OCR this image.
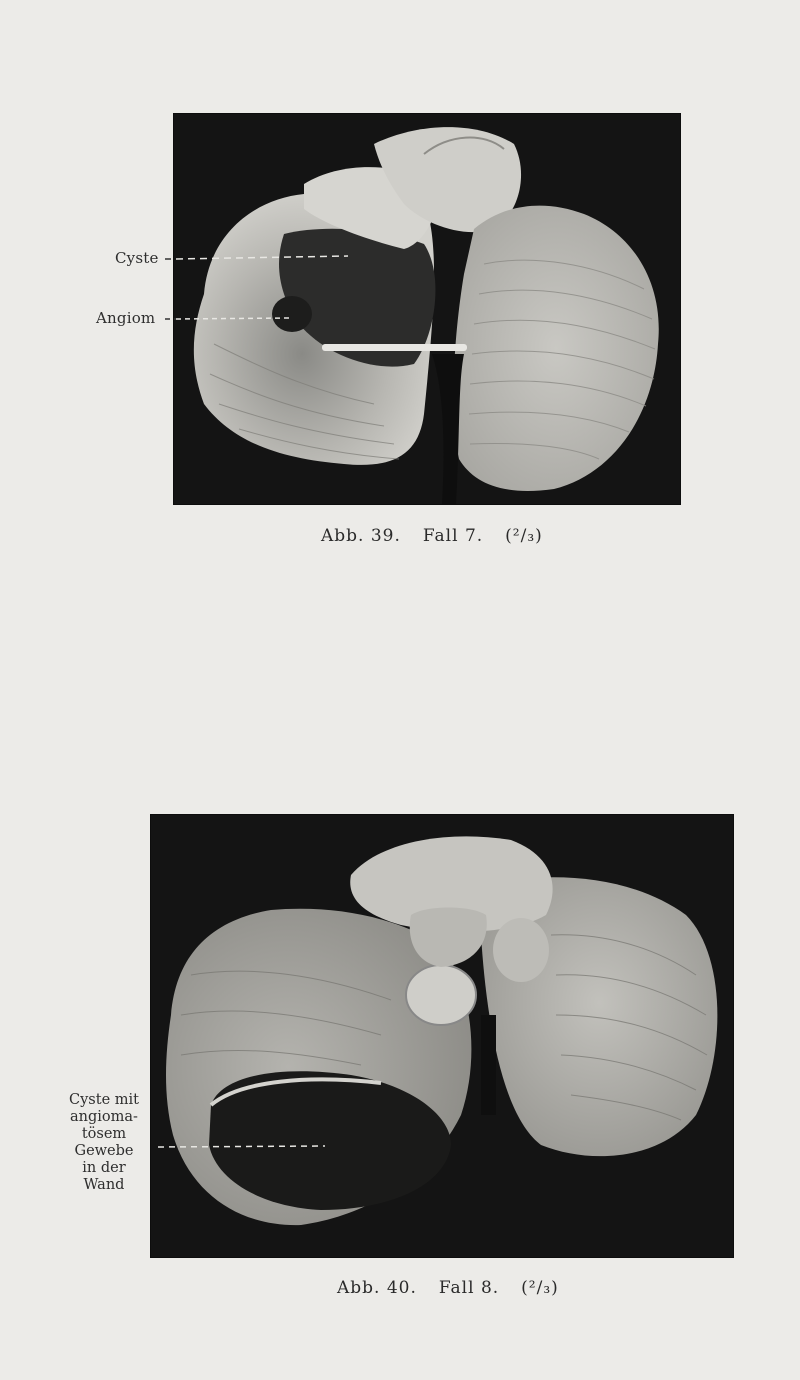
Cyste
Angiom
Abb. 39. Fall 7. (²/₃)
Cyste mit
angioma-
tösem
Gewebe
in der
Wand
Abb. 40. Fall 8. (²/₃)
